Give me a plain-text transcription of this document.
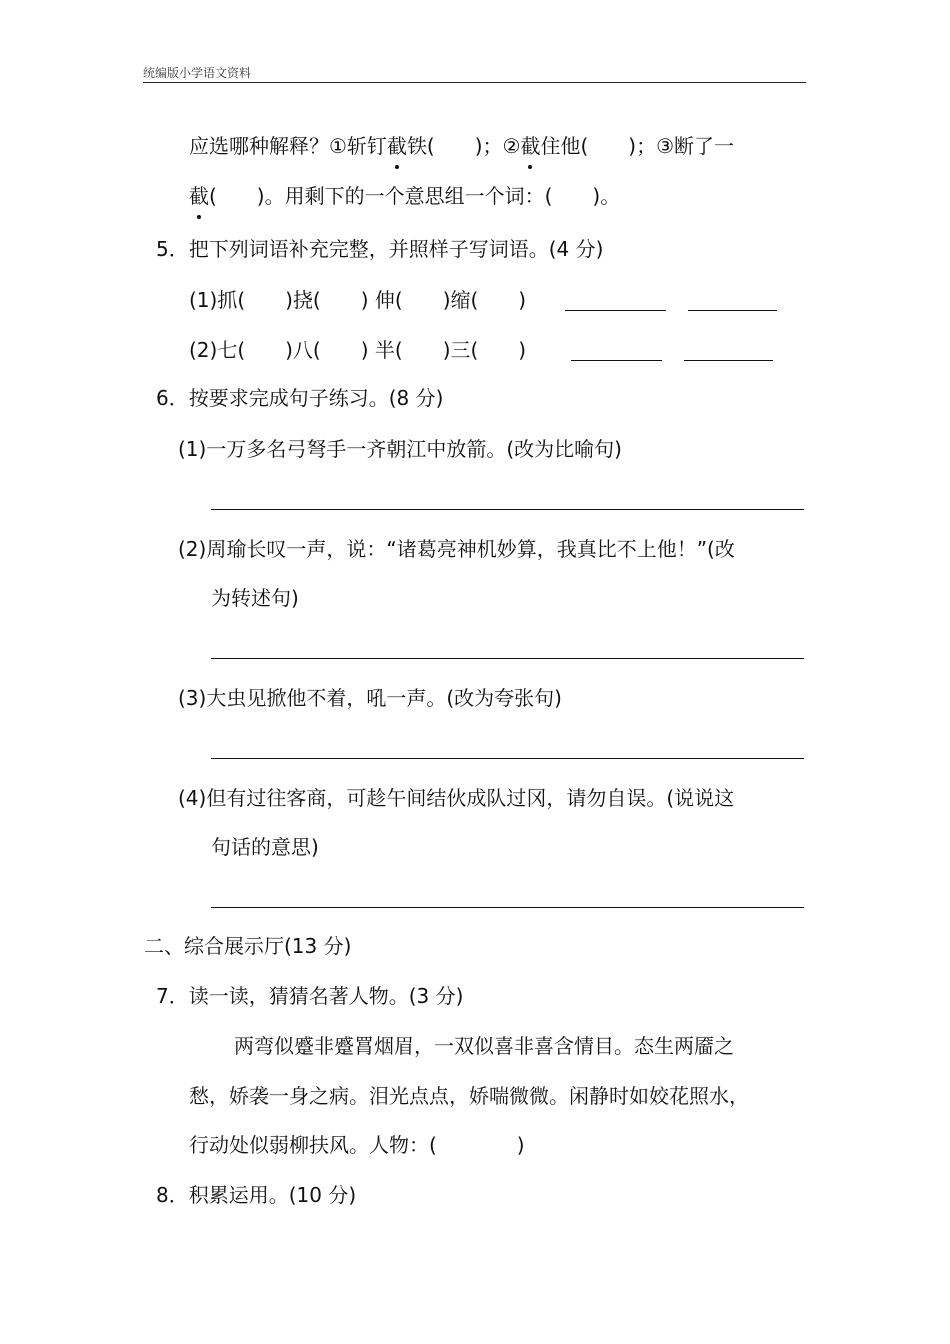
统编版小学语文资料
应选哪种解释？①斩钉截铁(　　)；②截住他(　　)；③断了一
截(　　)。用剩下的一个意思组一个词：(　　)。
5．把下列词语补充完整，并照样子写词语。(4 分)
(1)抓(　　)挠(　　) 伸(　　)缩(　　)
(2)七(　　)八(　　) 半(　　)三(　　)
6．按要求完成句子练习。(8 分)
(1)一万多名弓弩手一齐朝江中放箭。(改为比喻句)
(2)周瑜长叹一声，说：“诸葛亮神机妙算，我真比不上他！”(改
为转述句)
(3)大虫见掀他不着，吼一声。(改为夸张句)
(4)但有过往客商，可趁午间结伙成队过冈，请勿自误。(说说这
句话的意思)
二、综合展示厅(13 分)
7．读一读，猜猜名著人物。(3 分)
两弯似蹙非蹙罥烟眉，一双似喜非喜含情目。态生两靥之
愁，娇袭一身之病。泪光点点，娇喘微微。闲静时如姣花照水，
行动处似弱柳扶风。人物：(　　　　)
8．积累运用。(10 分)
